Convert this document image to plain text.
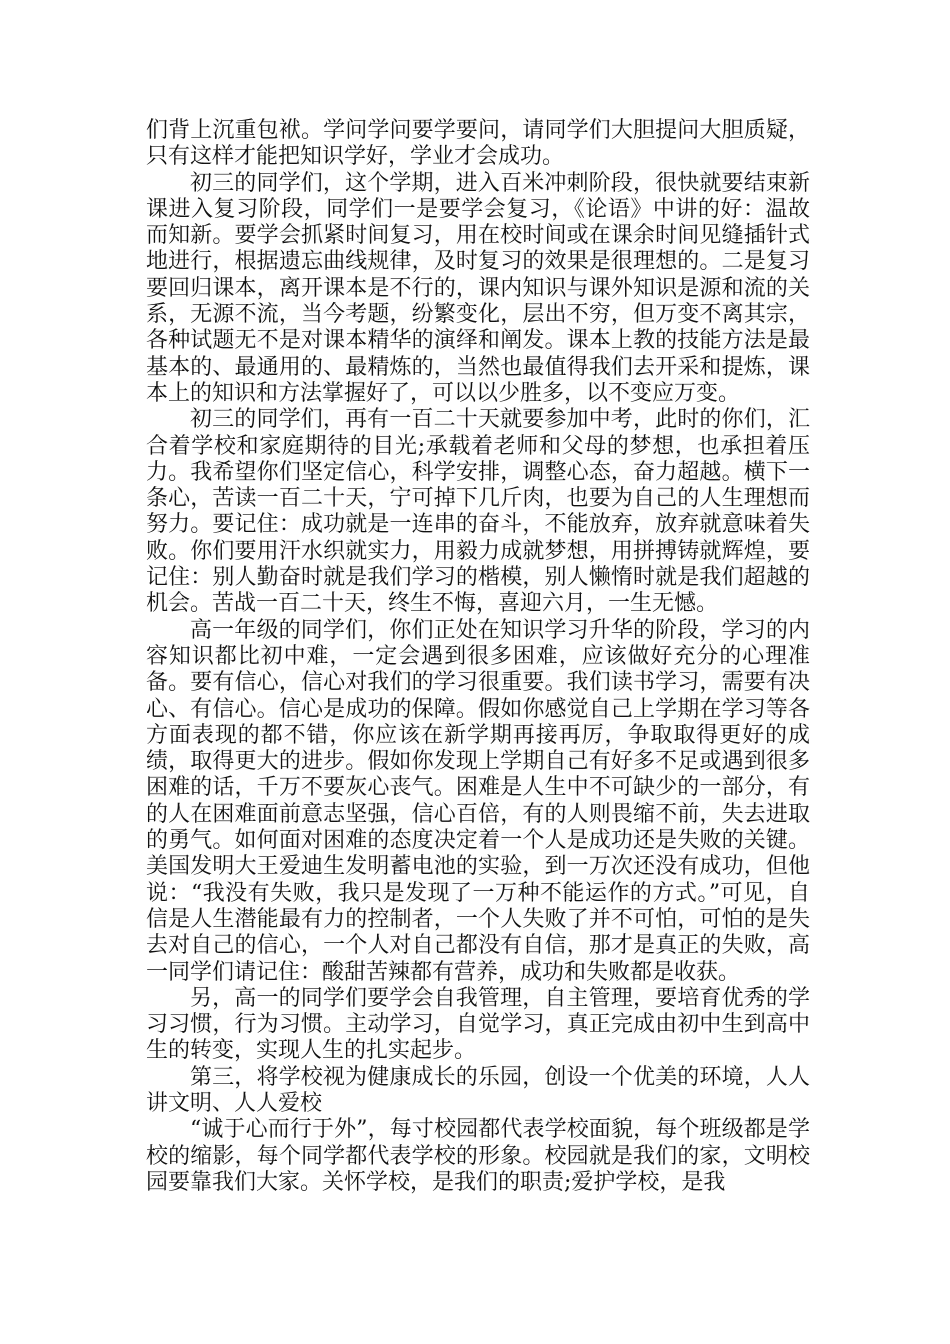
们背上沉重包袱。学问学问要学要问，请同学们大胆提问大胆质疑，只有这样才能把知识学好，学业才会成功。

初三的同学们，这个学期，进入百米冲刺阶段，很快就要结束新课进入复习阶段，同学们一是要学会复习，《论语》中讲的好：温故而知新。要学会抓紧时间复习，用在校时间或在课余时间见缝插针式地进行，根据遗忘曲线规律，及时复习的效果是很理想的。二是复习要回归课本，离开课本是不行的，课内知识与课外知识是源和流的关系，无源不流，当今考题，纷繁变化，层出不穷，但万变不离其宗，各种试题无不是对课本精华的演绎和阐发。课本上教的技能方法是最基本的、最通用的、最精炼的，当然也最值得我们去开采和提炼，课本上的知识和方法掌握好了，可以以少胜多，以不变应万变。

初三的同学们，再有一百二十天就要参加中考，此时的你们，汇合着学校和家庭期待的目光;承载着老师和父母的梦想，也承担着压力。我希望你们坚定信心，科学安排，调整心态，奋力超越。横下一条心，苦读一百二十天，宁可掉下几斤肉，也要为自己的人生理想而努力。要记住：成功就是一连串的奋斗，不能放弃，放弃就意味着失败。你们要用汗水织就实力，用毅力成就梦想，用拼搏铸就辉煌，要记住：别人勤奋时就是我们学习的楷模，别人懒惰时就是我们超越的机会。苦战一百二十天，终生不悔，喜迎六月，一生无憾。

高一年级的同学们，你们正处在知识学习升华的阶段，学习的内容知识都比初中难，一定会遇到很多困难，应该做好充分的心理准备。要有信心，信心对我们的学习很重要。我们读书学习，需要有决心、有信心。信心是成功的保障。假如你感觉自己上学期在学习等各方面表现的都不错，你应该在新学期再接再厉，争取取得更好的成绩，取得更大的进步。假如你发现上学期自己有好多不足或遇到很多困难的话，千万不要灰心丧气。困难是人生中不可缺少的一部分，有的人在困难面前意志坚强，信心百倍，有的人则畏缩不前，失去进取的勇气。如何面对困难的态度决定着一个人是成功还是失败的关键。美国发明大王爱迪生发明蓄电池的实验，到一万次还没有成功，但他说：“我没有失败，我只是发现了一万种不能运作的方式。”可见，自信是人生潜能最有力的控制者，一个人失败了并不可怕，可怕的是失去对自己的信心，一个人对自己都没有自信，那才是真正的失败，高一同学们请记住：酸甜苦辣都有营养，成功和失败都是收获。

另，高一的同学们要学会自我管理，自主管理，要培育优秀的学习习惯，行为习惯。主动学习，自觉学习，真正完成由初中生到高中生的转变，实现人生的扎实起步。

第三，将学校视为健康成长的乐园，创设一个优美的环境，人人讲文明、人人爱校

“诚于心而行于外”，每寸校园都代表学校面貌，每个班级都是学校的缩影，每个同学都代表学校的形象。校园就是我们的家，文明校园要靠我们大家。关怀学校，是我们的职责;爱护学校，是我
